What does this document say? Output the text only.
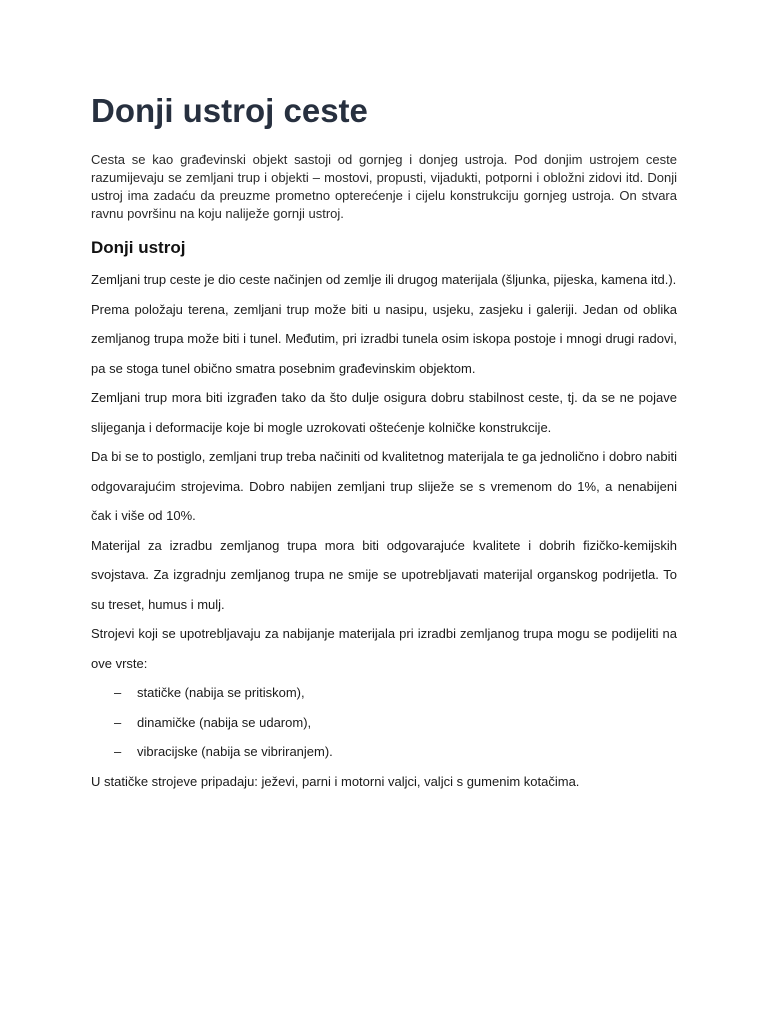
Donji ustroj ceste

Cesta se kao građevinski objekt sastoji od gornjeg i donjeg ustroja. Pod donjim ustrojem ceste razumijevaju se zemljani trup i objekti – mostovi, propusti, vijadukti, potporni i obložni zidovi itd. Donji ustroj ima zadaću da preuzme prometno opterećenje i cijelu konstrukciju gornjeg ustroja. On stvara ravnu površinu na koju naliježe gornji ustroj.

Donji ustroj

Zemljani trup ceste je dio ceste načinjen od zemlje ili drugog materijala (šljunka, pijeska, kamena itd.).

Prema položaju terena, zemljani trup može biti u nasipu, usjeku, zasjeku i galeriji. Jedan od oblika zemljanog trupa može biti i tunel. Međutim, pri izradbi tunela osim iskopa postoje i mnogi drugi radovi, pa se stoga tunel obično smatra posebnim građevinskim objektom.

Zemljani trup mora biti izgrađen tako da što dulje osigura dobru stabilnost ceste, tj. da se ne pojave slijeganja i deformacije koje bi mogle uzrokovati oštećenje kolničke konstrukcije.

Da bi se to postiglo, zemljani trup treba načiniti od kvalitetnog materijala te ga jednolično i dobro nabiti odgovarajućim strojevima. Dobro nabijen zemljani trup sliježe se s vremenom do 1%, a nenabijeni čak i više od 10%.

Materijal za izradbu zemljanog trupa mora biti odgovarajuće kvalitete i dobrih fizičko-kemijskih svojstava. Za izgradnju zemljanog trupa ne smije se upotrebljavati materijal organskog podrijetla. To su treset, humus i mulj.

Strojevi koji se upotrebljavaju za nabijanje materijala pri izradbi zemljanog trupa mogu se podijeliti na ove vrste:

– statičke (nabija se pritiskom),
– dinamičke (nabija se udarom),
– vibracijske (nabija se vibriranjem).

U statičke strojeve pripadaju: ježevi, parni i motorni valjci, valjci s gumenim kotačima.
